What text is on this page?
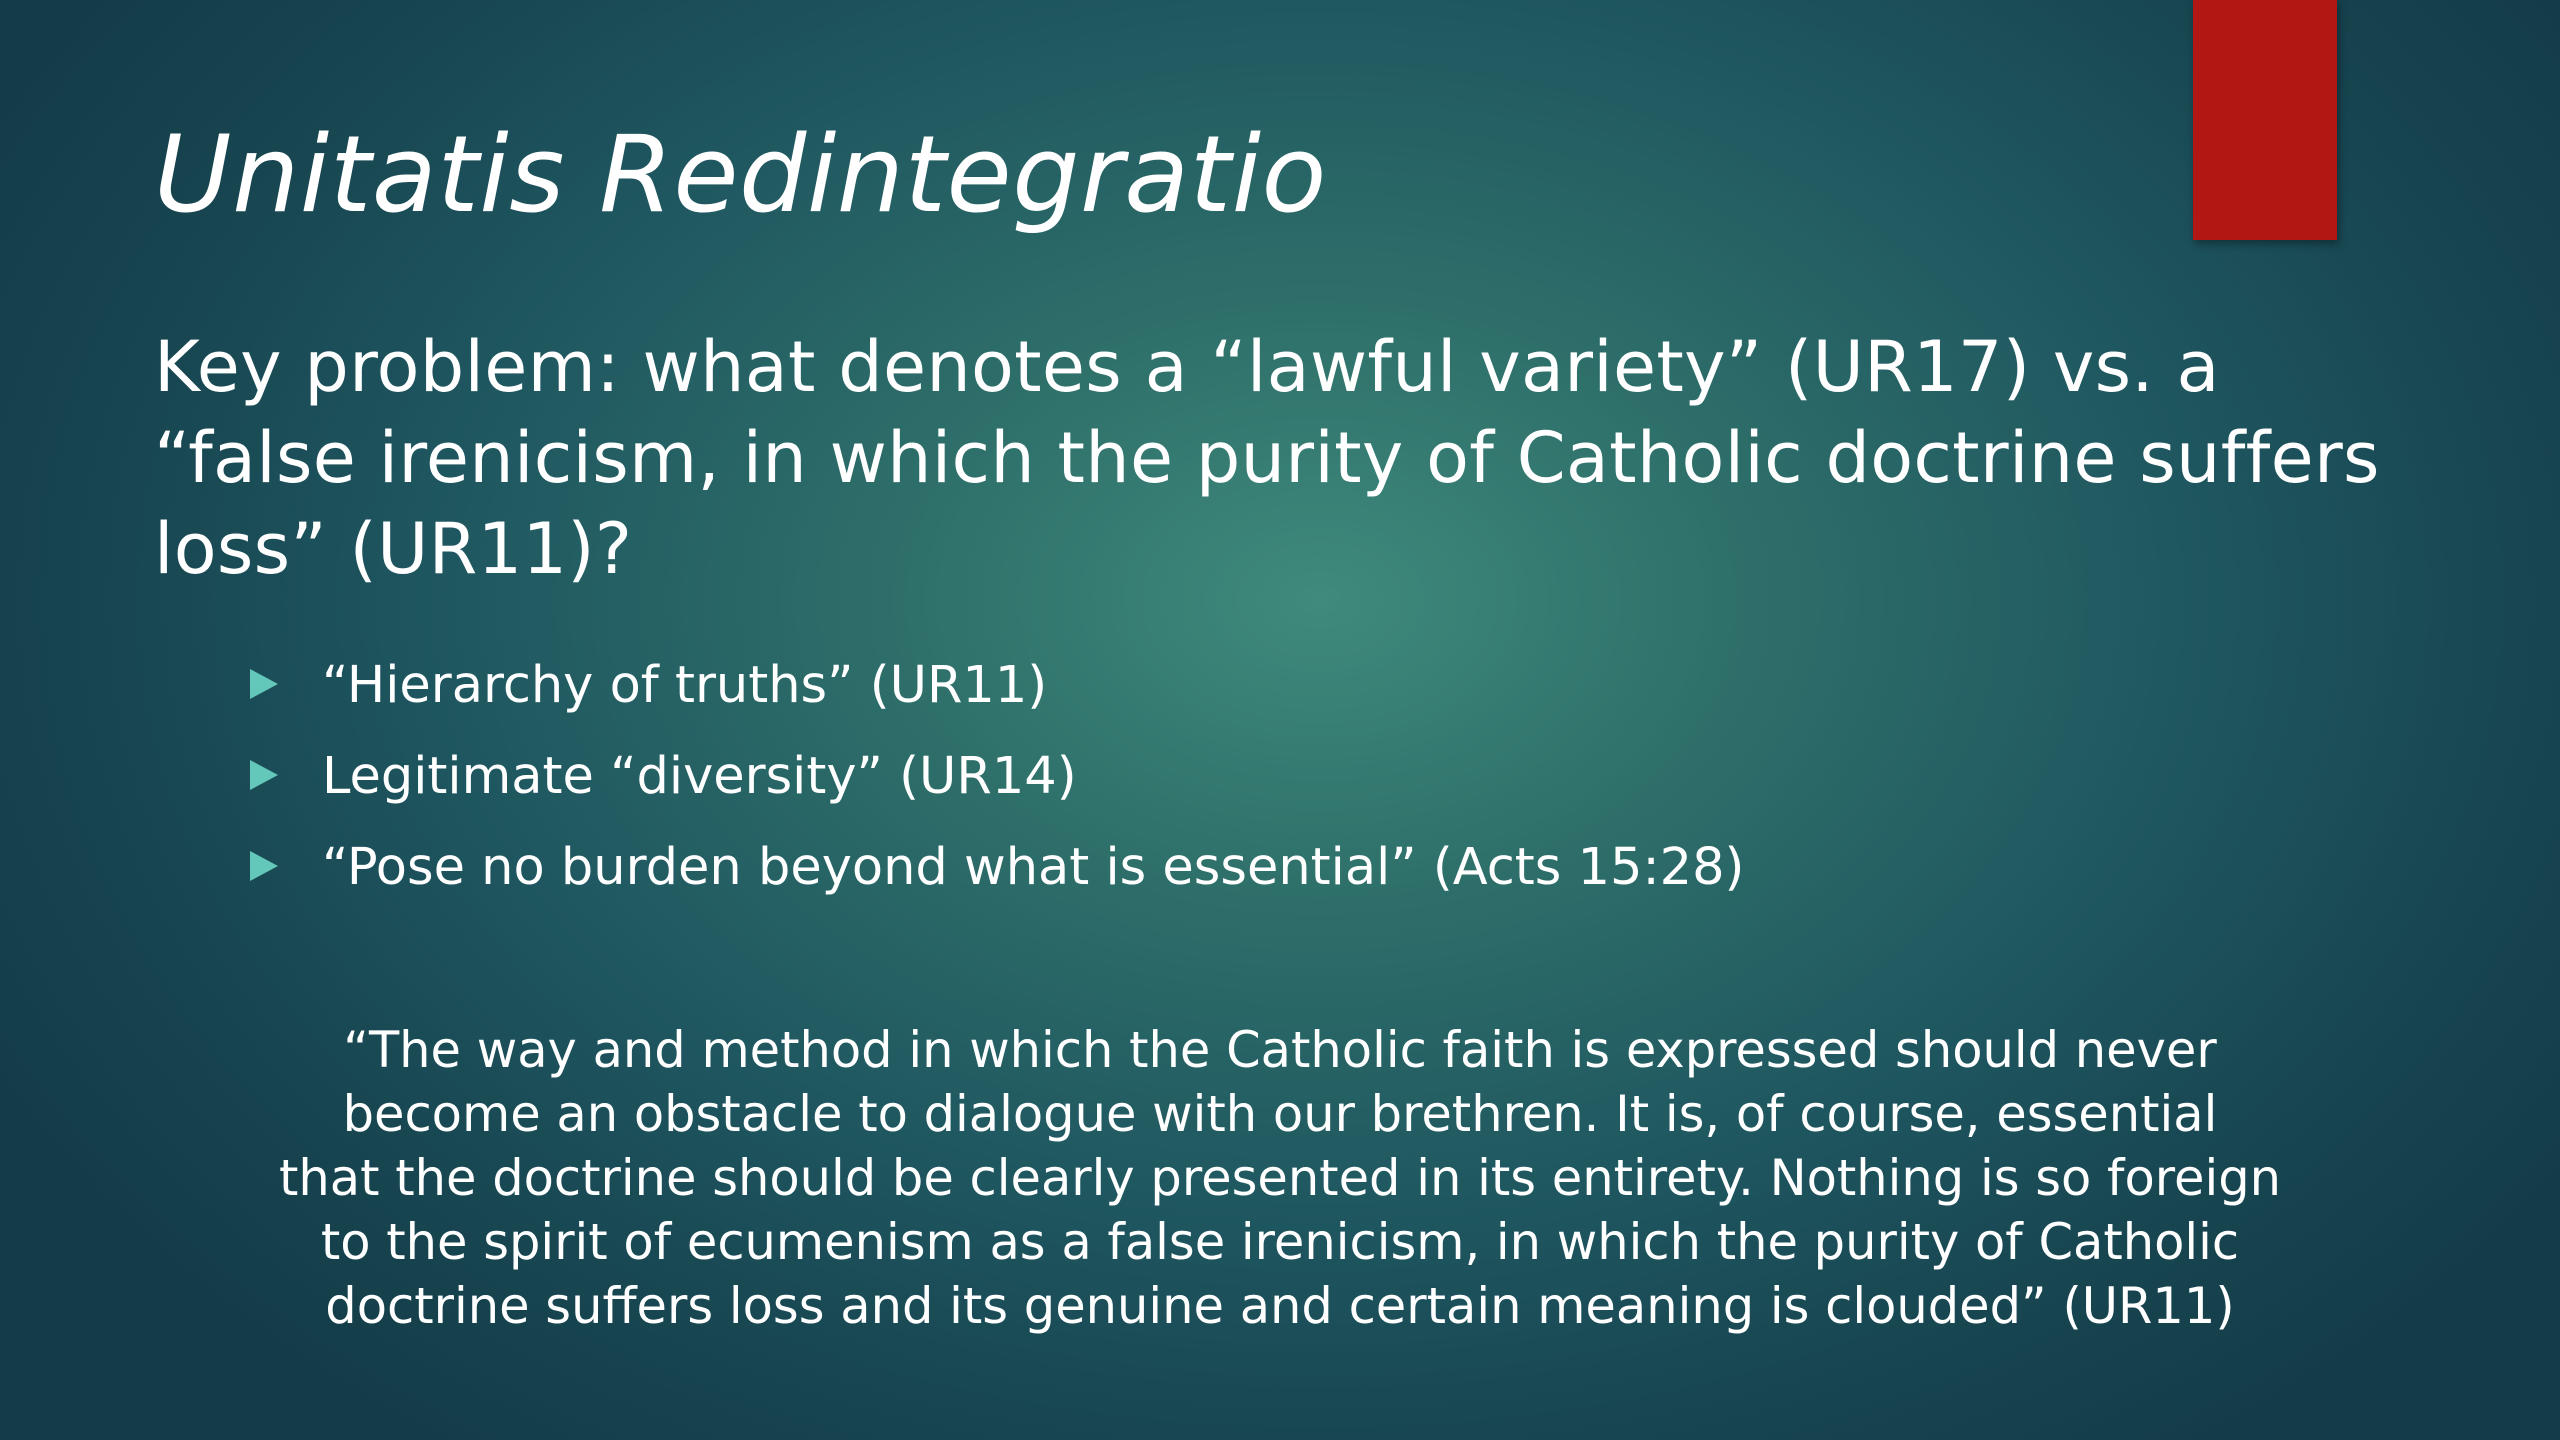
Unitatis Redintegratio

Key problem: what denotes a “lawful variety” (UR17) vs. a “false irenicism, in which the purity of Catholic doctrine suffers loss” (UR11)?

“Hierarchy of truths” (UR11)
Legitimate “diversity” (UR14)
“Pose no burden beyond what is essential” (Acts 15:28)
“The way and method in which the Catholic faith is expressed should never
become an obstacle to dialogue with our brethren. It is, of course, essential
that the doctrine should be clearly presented in its entirety. Nothing is so foreign
to the spirit of ecumenism as a false irenicism, in which the purity of Catholic
doctrine suffers loss and its genuine and certain meaning is clouded” (UR11)
